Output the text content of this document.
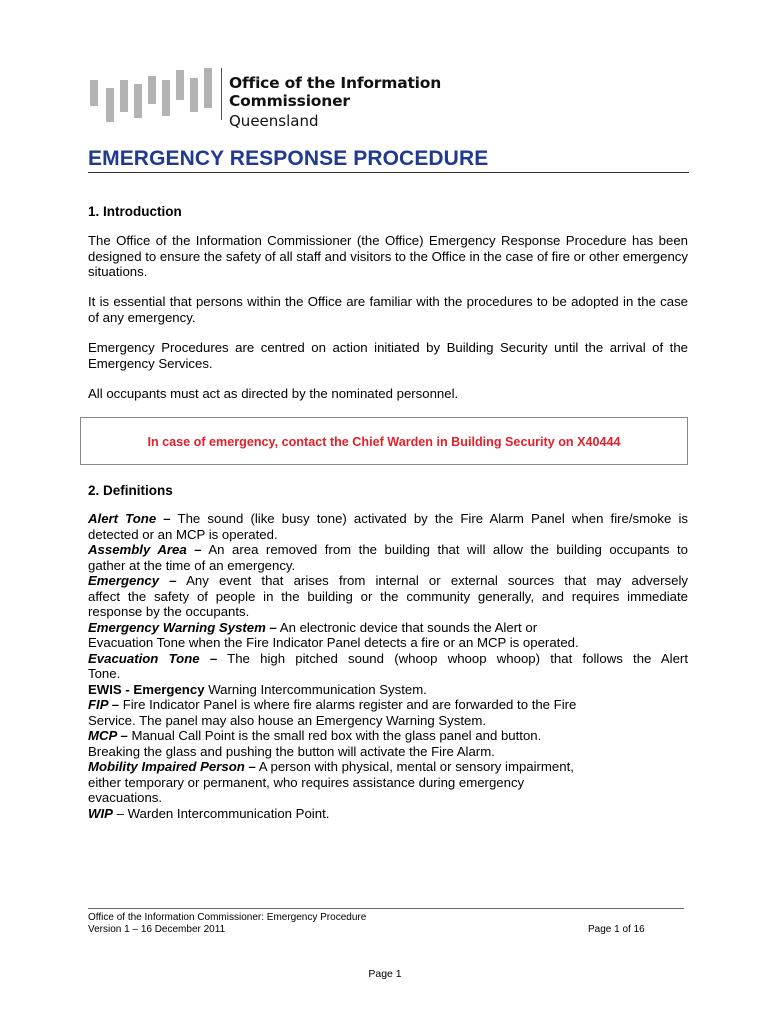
Office of the Information Commissioner
Queensland
EMERGENCY RESPONSE PROCEDURE
1. Introduction
The Office of the Information Commissioner (the Office) Emergency Response Procedure has been designed to ensure the safety of all staff and visitors to the Office in the case of fire or other emergency situations.
It is essential that persons within the Office are familiar with the procedures to be adopted in the case of any emergency.
Emergency Procedures are centred on action initiated by Building Security until the arrival of the Emergency Services.
All occupants must act as directed by the nominated personnel.
In case of emergency, contact the Chief Warden in Building Security on X40444
2. Definitions
Alert Tone – The sound (like busy tone) activated by the Fire Alarm Panel when fire/smoke is
detected or an MCP is operated.
Assembly Area – An area removed from the building that will allow the building occupants to
gather at the time of an emergency.
Emergency – Any event that arises from internal or external sources that may adversely
affect the safety of people in the building or the community generally, and requires immediate
response by the occupants.
Emergency Warning System – An electronic device that sounds the Alert or
Evacuation Tone when the Fire Indicator Panel detects a fire or an MCP is operated.
Evacuation Tone – The high pitched sound (whoop whoop whoop) that follows the Alert
Tone.
EWIS - Emergency Warning Intercommunication System.
FIP – Fire Indicator Panel is where fire alarms register and are forwarded to the Fire
Service. The panel may also house an Emergency Warning System.
MCP – Manual Call Point is the small red box with the glass panel and button.
Breaking the glass and pushing the button will activate the Fire Alarm.
Mobility Impaired Person – A person with physical, mental or sensory impairment,
either temporary or permanent, who requires assistance during emergency
evacuations.
WIP – Warden Intercommunication Point.
Office of the Information Commissioner: Emergency Procedure
Version 1 – 16 December 2011	Page 1 of 16
Page 1
